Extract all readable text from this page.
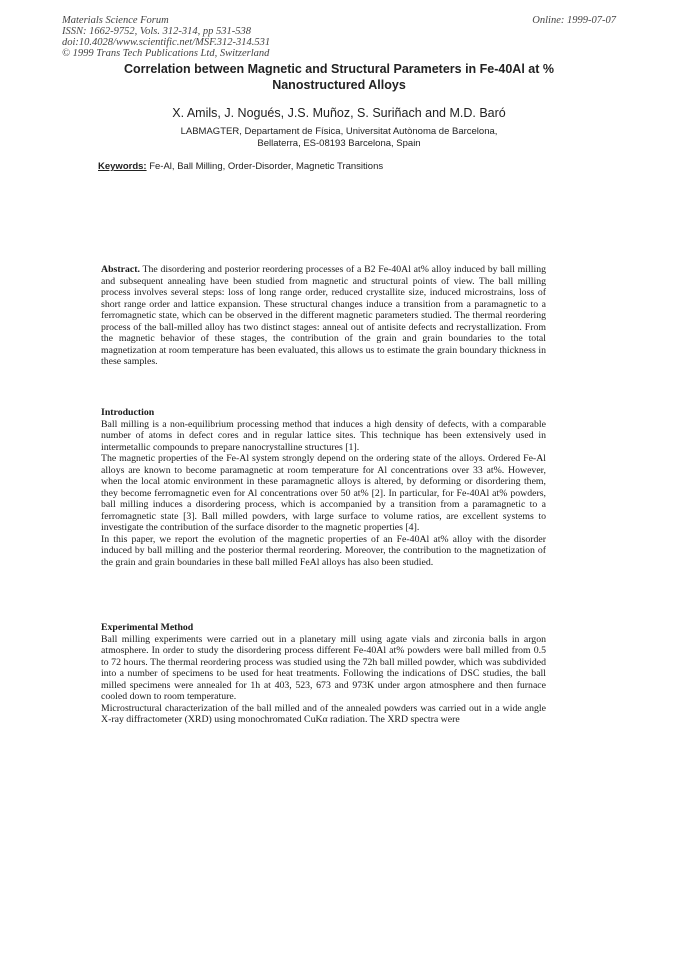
Materials Science Forum
ISSN: 1662-9752, Vols. 312-314, pp 531-538
doi:10.4028/www.scientific.net/MSF.312-314.531
© 1999 Trans Tech Publications Ltd, Switzerland
Online: 1999-07-07
Correlation between Magnetic and Structural Parameters in Fe-40Al at %
Nanostructured Alloys
X. Amils, J. Nogués, J.S. Muñoz, S. Suriñach and M.D. Baró
LABMAGTER, Departament de Física, Universitat Autònoma de Barcelona,
Bellaterra, ES-08193 Barcelona, Spain
Keywords: Fe-Al, Ball Milling, Order-Disorder, Magnetic Transitions

Abstract. The disordering and posterior reordering processes of a B2 Fe-40Al at% alloy induced by ball milling and subsequent annealing have been studied from magnetic and structural points of view. The ball milling process involves several steps: loss of long range order, reduced crystallite size, induced microstrains, loss of short range order and lattice expansion. These structural changes induce a transition from a paramagnetic to a ferromagnetic state, which can be observed in the different magnetic parameters studied. The thermal reordering process of the ball-milled alloy has two distinct stages: anneal out of antisite defects and recrystallization. From the magnetic behavior of these stages, the contribution of the grain and grain boundaries to the total magnetization at room temperature has been evaluated, this allows us to estimate the grain boundary thickness in these samples.

Introduction

Ball milling is a non-equilibrium processing method that induces a high density of defects, with a comparable number of atoms in defect cores and in regular lattice sites. This technique has been extensively used in intermetallic compounds to prepare nanocrystalline structures [1].

The magnetic properties of the Fe-Al system strongly depend on the ordering state of the alloys. Ordered Fe-Al alloys are known to become paramagnetic at room temperature for Al concentrations over 33 at%. However, when the local atomic environment in these paramagnetic alloys is altered, by deforming or disordering them, they become ferromagnetic even for Al concentrations over 50 at% [2]. In particular, for Fe-40Al at% powders, ball milling induces a disordering process, which is accompanied by a transition from a paramagnetic to a ferromagnetic state [3]. Ball milled powders, with large surface to volume ratios, are excellent systems to investigate the contribution of the surface disorder to the magnetic properties [4].

In this paper, we report the evolution of the magnetic properties of an Fe-40Al at% alloy with the disorder induced by ball milling and the posterior thermal reordering. Moreover, the contribution to the magnetization of the grain and grain boundaries in these ball milled FeAl alloys has also been studied.

Experimental Method

Ball milling experiments were carried out in a planetary mill using agate vials and zirconia balls in argon atmosphere. In order to study the disordering process different Fe-40Al at% powders were ball milled from 0.5 to 72 hours. The thermal reordering process was studied using the 72h ball milled powder, which was subdivided into a number of specimens to be used for heat treatments. Following the indications of DSC studies, the ball milled specimens were annealed for 1h at 403, 523, 673 and 973K under argon atmosphere and then furnace cooled down to room temperature.

Microstructural characterization of the ball milled and of the annealed powders was carried out in a wide angle X-ray diffractometer (XRD) using monochromated CuKα radiation. The XRD spectra were
